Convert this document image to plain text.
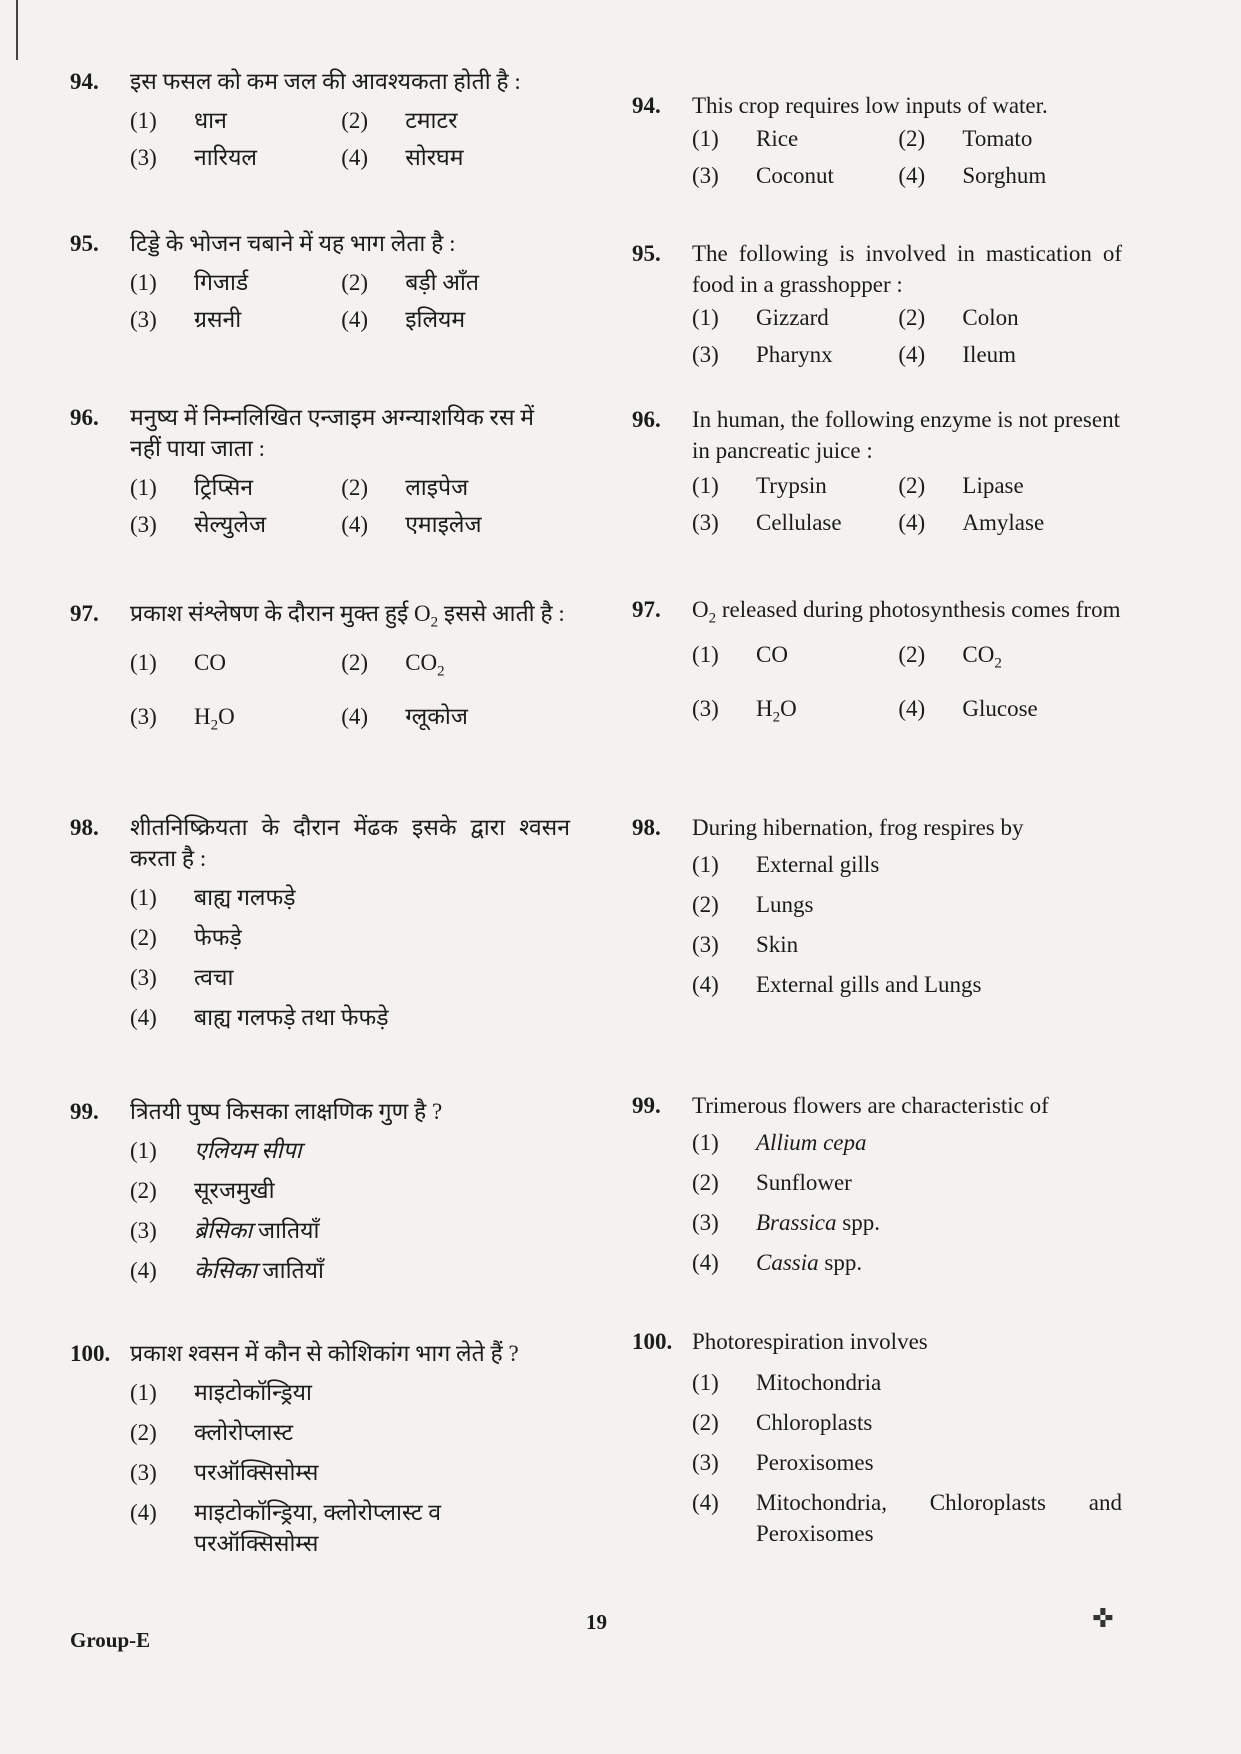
94.	इस फसल को कम जल की आवश्यकता होती है :
(1)	धान	(2)	टमाटर
(3)	नारियल	(4)	सोरघम
95.	टिड्डे के भोजन चबाने में यह भाग लेता है :
(1)	गिजार्ड	(2)	बड़ी आँत
(3)	ग्रसनी	(4)	इलियम
96.	मनुष्य में निम्नलिखित एन्जाइम अग्न्याशयिक रस में नहीं पाया जाता :
(1)	ट्रिप्सिन	(2)	लाइपेज
(3)	सेल्युलेज	(4)	एमाइलेज
97.	प्रकाश संश्लेषण के दौरान मुक्त हुई $O_2$ इससे आती है :
(1)	CO	(2)	$CO_2$
(3)	$H_2O$	(4)	ग्लूकोज
98.	शीतनिष्क्रियता के दौरान मेंढक इसके द्वारा श्वसन करता है :
(1)	बाह्य गलफड़े
(2)	फेफड़े
(3)	त्वचा
(4)	बाह्य गलफड़े तथा फेफड़े
99.	त्रितयी पुष्प किसका लाक्षणिक गुण है ?
(1)	एलियम सीपा
(2)	सूरजमुखी
(3)	ब्रेसिका जातियाँ
(4)	केसिका जातियाँ
100. प्रकाश श्वसन में कौन से कोशिकांग भाग लेते हैं ?
(1)	माइटोकॉन्ड्रिया
(2)	क्लोरोप्लास्ट
(3)	परऑक्सिसोम्स
(4)	माइटोकॉन्ड्रिया, क्लोरोप्लास्ट व परऑक्सिसोम्स
94.	This crop requires low inputs of water.
(1)	Rice	(2)	Tomato
(3)	Coconut	(4)	Sorghum
95.	The following is involved in mastication of food in a grasshopper :
(1)	Gizzard	(2)	Colon
(3)	Pharynx	(4)	Ileum
96.	In human, the following enzyme is not present in pancreatic juice :
(1)	Trypsin	(2)	Lipase
(3)	Cellulase (4)	Amylase
97.	$O_2$ released during photosynthesis comes from
(1)	CO	(2)	$CO_2$
(3)	$H_2O$	(4)	Glucose
98.	During hibernation, frog respires by
(1)	External gills
(2)	Lungs
(3)	Skin
(4)	External gills and Lungs
99.	Trimerous flowers are characteristic of
(1)	Allium cepa
(2)	Sunflower
(3)	Brassica spp.
(4)	Cassia spp.
100. Photorespiration involves
(1)	Mitochondria
(2)	Chloroplasts
(3)	Peroxisomes
(4)	Mitochondria, Chloroplasts and Peroxisomes
Group-E
19	✜
